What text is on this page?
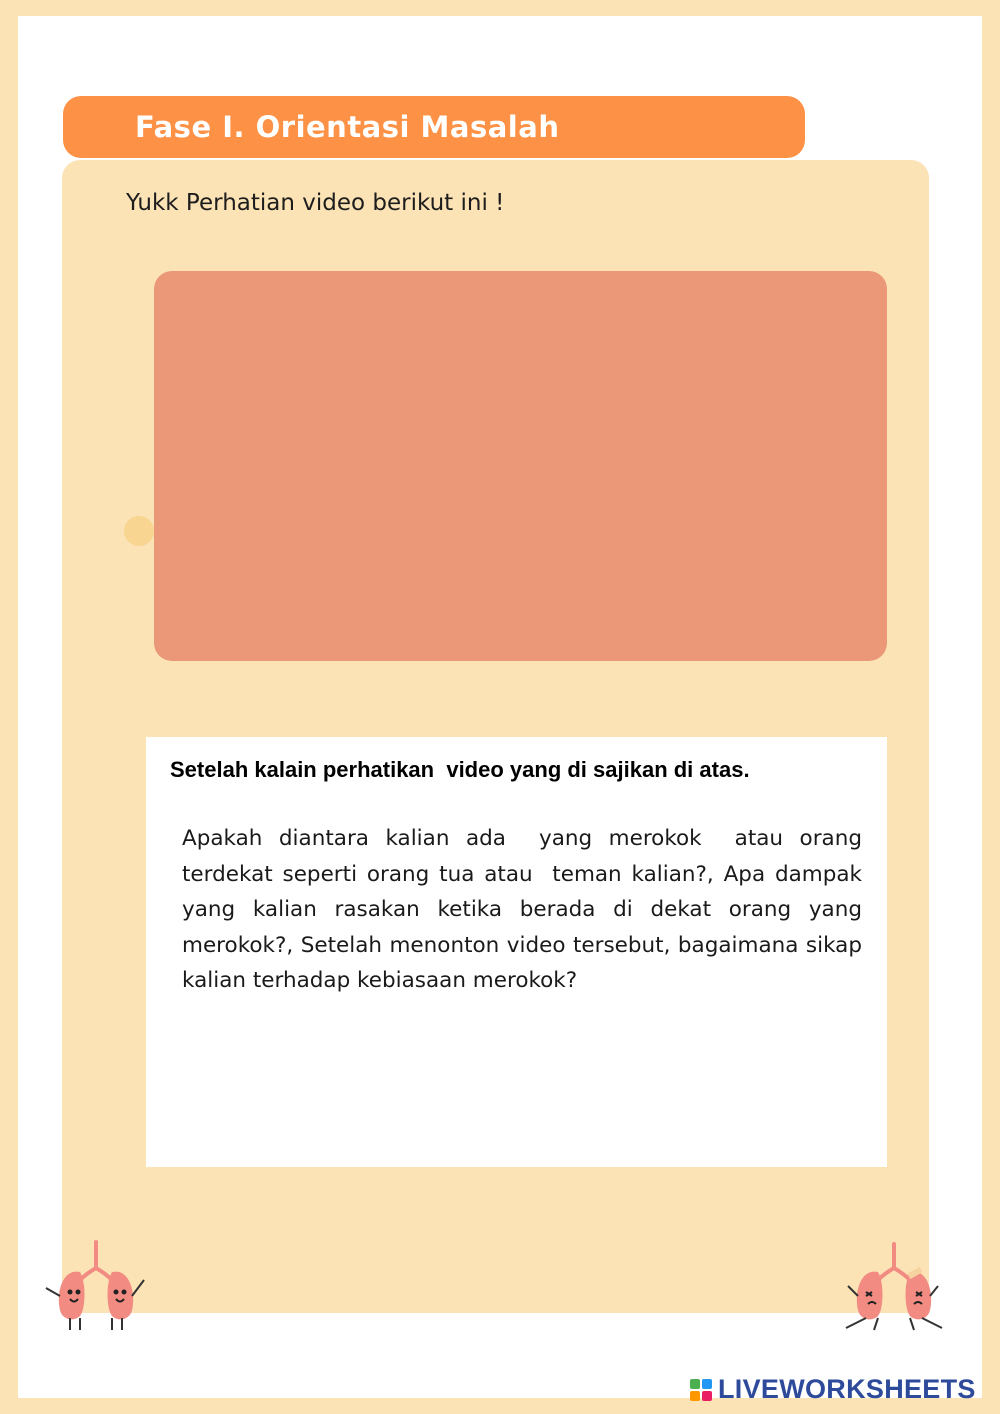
Fase I. Orientasi Masalah
Yukk Perhatian video berikut ini !
Setelah kalain perhatikan  video yang di sajikan di atas.
Apakah diantara kalian ada  yang merokok  atau orang terdekat seperti orang tua atau  teman kalian?, Apa dampak yang kalian rasakan ketika berada di dekat orang yang merokok?, Setelah menonton video tersebut, bagaimana sikap kalian terhadap kebiasaan merokok?
LIVEWORKSHEETS
